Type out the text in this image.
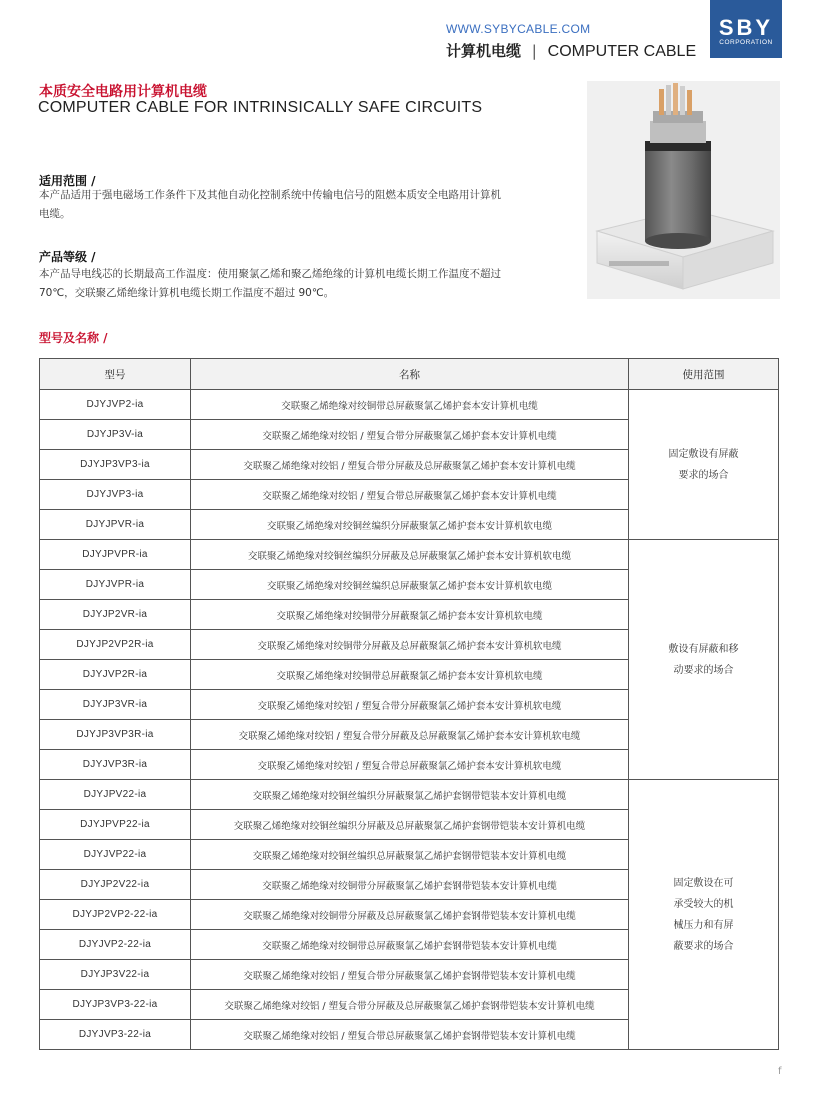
WWW.SYBYCABLE.COM
计算机电缆 | COMPUTER CABLE
SBY
CORPORATION
本质安全电路用计算机电缆
COMPUTER CABLE FOR INTRINSICALLY SAFE CIRCUITS
适用范围 /
本产品适用于强电磁场工作条件下及其他自动化控制系统中传输电信号的阻燃本质安全电路用计算机电缆。
产品等级 /
本产品导电线芯的长期最高工作温度：使用聚氯乙烯和聚乙烯绝缘的计算机电缆长期工作温度不超过 70℃，交联聚乙烯绝缘计算机电缆长期工作温度不超过 90℃。
型号及名称 /
型号	名称	使用范围
DJYJVP2-ia	交联聚乙烯绝缘对绞铜带总屏蔽聚氯乙烯护套本安计算机电缆	固定敷设有屏蔽要求的场合

DJYJP3V-ia	交联聚乙烯绝缘对绞铝 / 塑复合带分屏蔽聚氯乙烯护套本安计算机电缆	
DJYJP3VP3-ia	交联聚乙烯绝缘对绞铝 / 塑复合带分屏蔽及总屏蔽聚氯乙烯护套本安计算机电缆	
DJYJVP3-ia	交联聚乙烯绝缘对绞铝 / 塑复合带总屏蔽聚氯乙烯护套本安计算机电缆	
DJYJPVR-ia	交联聚乙烯绝缘对绞铜丝编织分屏蔽聚氯乙烯护套本安计算机软电缆	
DJYJPVPR-ia	交联聚乙烯绝缘对绞铜丝编织分屏蔽及总屏蔽聚氯乙烯护套本安计算机软电缆	敷设有屏蔽和移动要求的场合

DJYJVPR-ia	交联聚乙烯绝缘对绞铜丝编织总屏蔽聚氯乙烯护套本安计算机软电缆	
DJYJP2VR-ia	交联聚乙烯绝缘对绞铜带分屏蔽聚氯乙烯护套本安计算机软电缆	
DJYJP2VP2R-ia	交联聚乙烯绝缘对绞铜带分屏蔽及总屏蔽聚氯乙烯护套本安计算机软电缆	
DJYJVP2R-ia	交联聚乙烯绝缘对绞铜带总屏蔽聚氯乙烯护套本安计算机软电缆	
DJYJP3VR-ia	交联聚乙烯绝缘对绞铝 / 塑复合带分屏蔽聚氯乙烯护套本安计算机软电缆	
DJYJP3VP3R-ia	交联聚乙烯绝缘对绞铝 / 塑复合带分屏蔽及总屏蔽聚氯乙烯护套本安计算机软电缆	
DJYJVP3R-ia	交联聚乙烯绝缘对绞铝 / 塑复合带总屏蔽聚氯乙烯护套本安计算机软电缆	
DJYJPV22-ia	交联聚乙烯绝缘对绞铜丝编织分屏蔽聚氯乙烯护套钢带铠装本安计算机电缆	固定敷设在可承受较大的机械压力和有屏蔽要求的场合

DJYJPVP22-ia	交联聚乙烯绝缘对绞铜丝编织分屏蔽及总屏蔽聚氯乙烯护套钢带铠装本安计算机电缆	
DJYJVP22-ia	交联聚乙烯绝缘对绞铜丝编织总屏蔽聚氯乙烯护套钢带铠装本安计算机电缆	
DJYJP2V22-ia	交联聚乙烯绝缘对绞铜带分屏蔽聚氯乙烯护套钢带铠装本安计算机电缆	
DJYJP2VP2-22-ia	交联聚乙烯绝缘对绞铜带分屏蔽及总屏蔽聚氯乙烯护套钢带铠装本安计算机电缆	
DJYJVP2-22-ia	交联聚乙烯绝缘对绞铜带总屏蔽聚氯乙烯护套钢带铠装本安计算机电缆	
DJYJP3V22-ia	交联聚乙烯绝缘对绞铝 / 塑复合带分屏蔽聚氯乙烯护套钢带铠装本安计算机电缆	
DJYJP3VP3-22-ia	交联聚乙烯绝缘对绞铝 / 塑复合带分屏蔽及总屏蔽聚氯乙烯护套钢带铠装本安计算机电缆	
DJYJVP3-22-ia	交联聚乙烯绝缘对绞铝 / 塑复合带总屏蔽聚氯乙烯护套钢带铠装本安计算机电缆	
f
